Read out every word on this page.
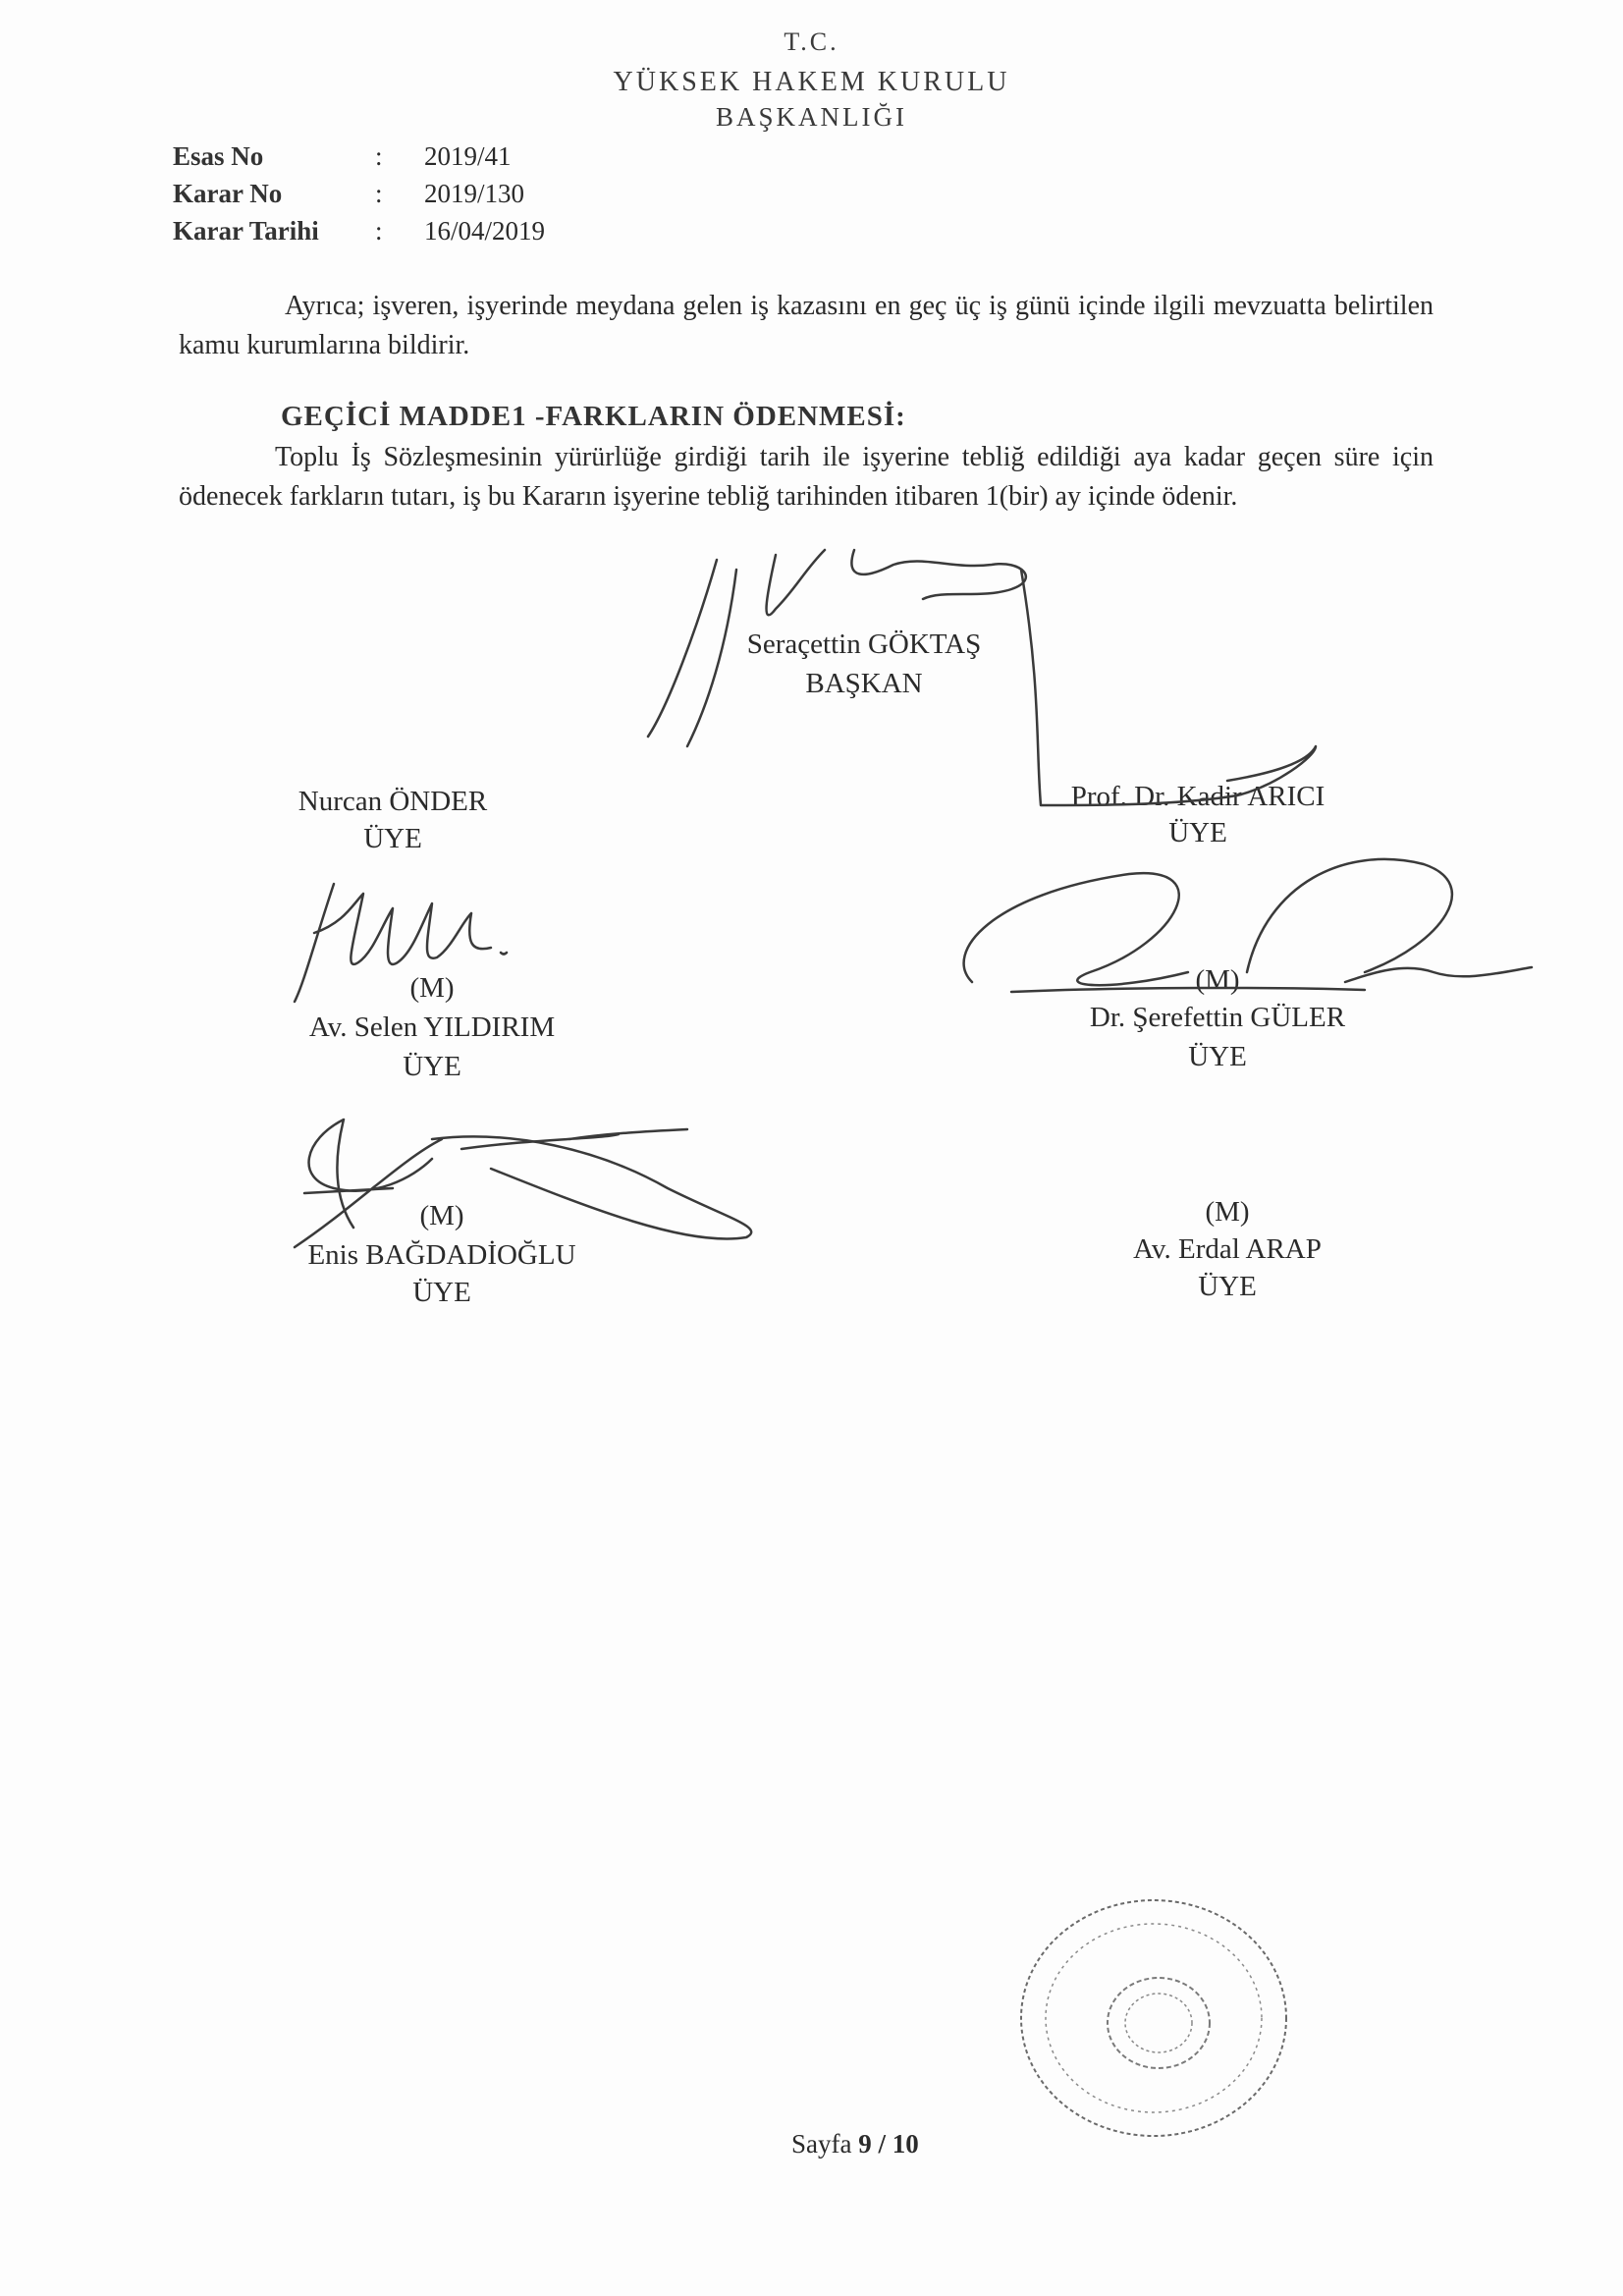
T.C.
YÜKSEK HAKEM KURULU
BAŞKANLIĞI
Esas No	: 2019/41
Karar No	: 2019/130
Karar Tarihi : 16/04/2019
Ayrıca; işveren, işyerinde meydana gelen iş kazasını en geç üç iş günü içinde ilgili mevzuatta belirtilen kamu kurumlarına bildirir.
GEÇİCİ MADDE1 -FARKLARIN ÖDENMESİ:
Toplu İş Sözleşmesinin yürürlüğe girdiği tarih ile işyerine tebliğ edildiği aya kadar geçen süre için ödenecek farkların tutarı, iş bu Kararın işyerine tebliğ tarihinden itibaren 1(bir) ay içinde ödenir.
Seraçettin GÖKTAŞ
BAŞKAN
Nurcan ÖNDER
ÜYE
Prof. Dr. Kadir ARICI
ÜYE
(M)
Av. Selen YILDIRIM
ÜYE
(M)
Dr. Şerefettin GÜLER
ÜYE
(M)
Enis BAĞDADİOĞLU
ÜYE
(M)
Av. Erdal ARAP
ÜYE
Sayfa 9 / 10
